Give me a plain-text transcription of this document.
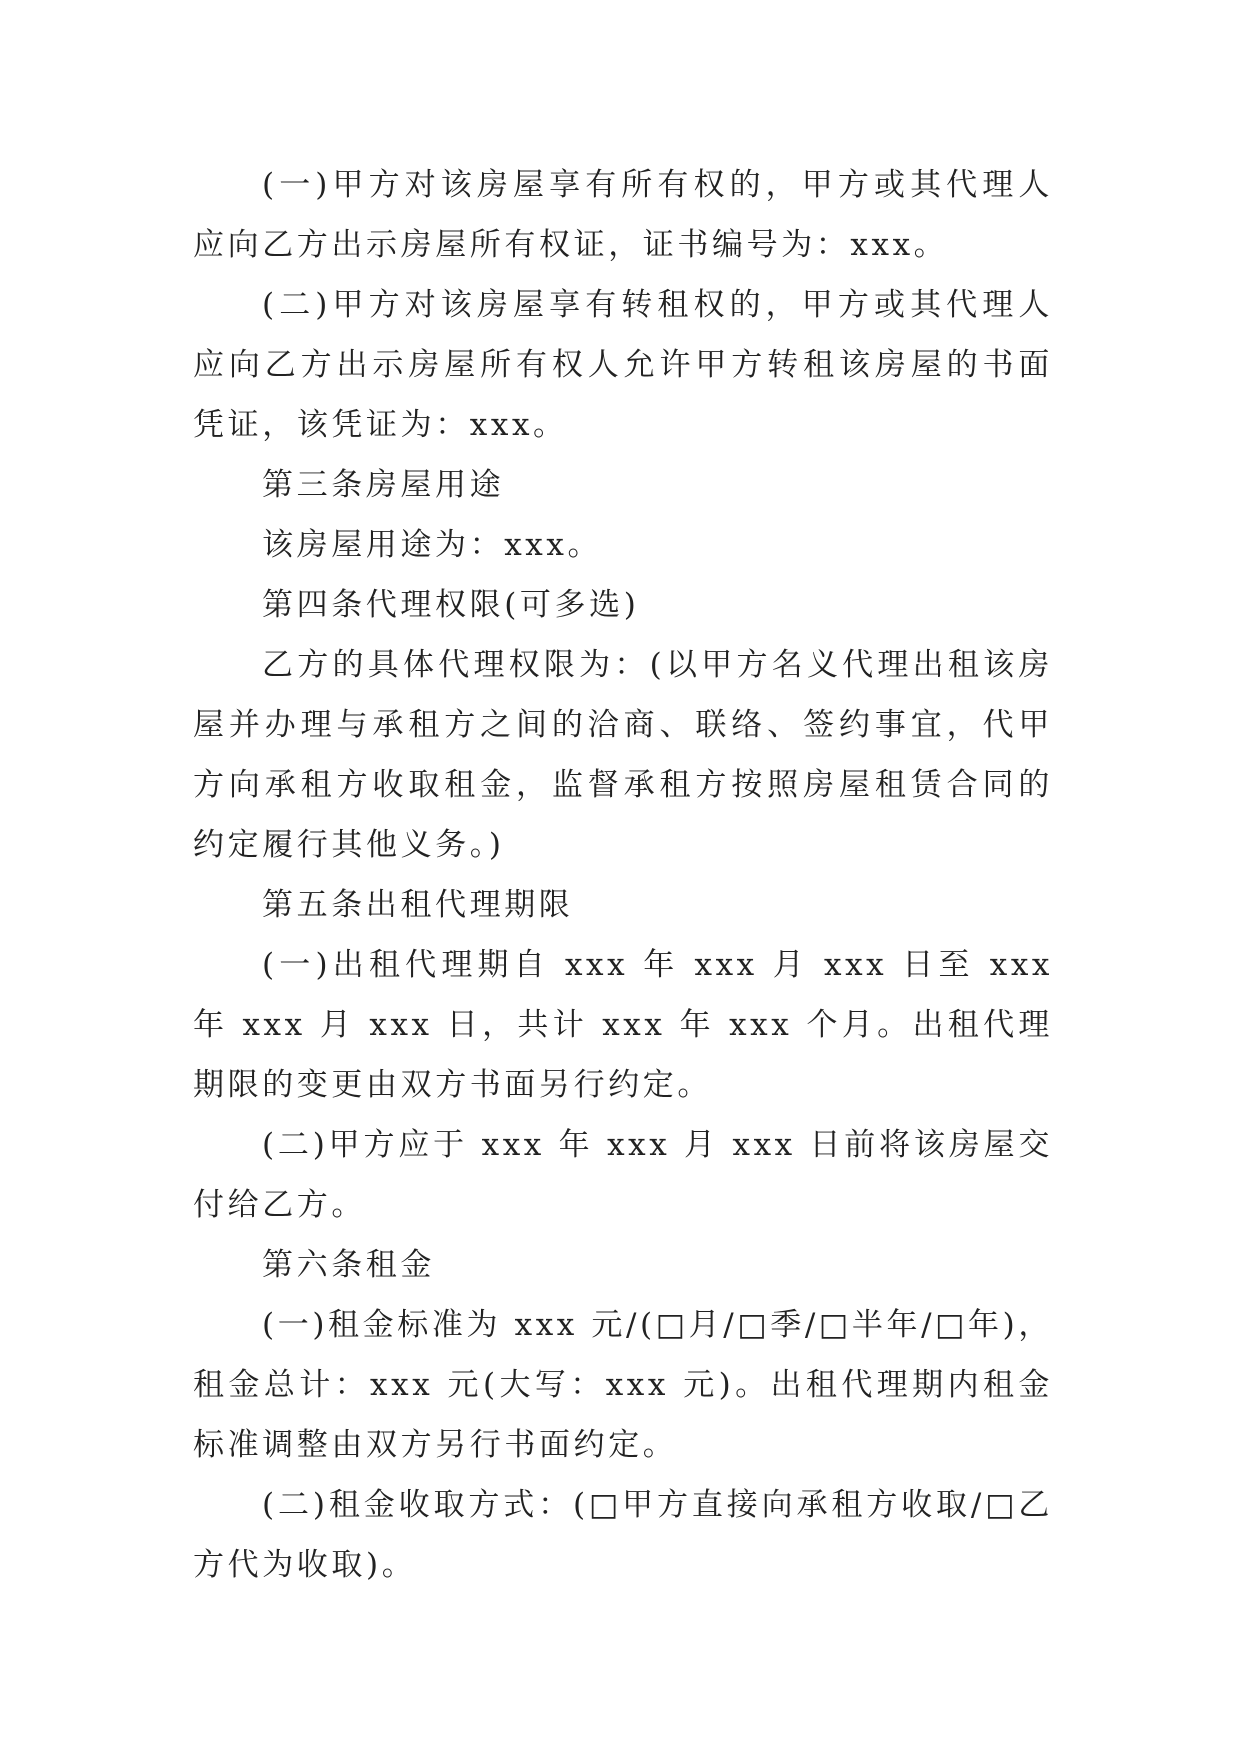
(一)甲方对该房屋享有所有权的，甲方或其代理人应向乙方出示房屋所有权证，证书编号为：xxx。

(二)甲方对该房屋享有转租权的，甲方或其代理人应向乙方出示房屋所有权人允许甲方转租该房屋的书面凭证，该凭证为：xxx。

第三条房屋用途

该房屋用途为：xxx。

第四条代理权限(可多选)

乙方的具体代理权限为：(以甲方名义代理出租该房屋并办理与承租方之间的洽商、联络、签约事宜，代甲方向承租方收取租金，监督承租方按照房屋租赁合同的约定履行其他义务。)

第五条出租代理期限

(一)出租代理期自 xxx 年 xxx 月 xxx 日至 xxx 年 xxx 月 xxx 日，共计 xxx 年 xxx 个月。出租代理期限的变更由双方书面另行约定。

(二)甲方应于 xxx 年 xxx 月 xxx 日前将该房屋交付给乙方。

第六条租金

(一)租金标准为 xxx 元/(□月/□季/□半年/□年)，租金总计：xxx 元(大写：xxx 元)。出租代理期内租金标准调整由双方另行书面约定。

(二)租金收取方式：(□甲方直接向承租方收取/□乙方代为收取)。
